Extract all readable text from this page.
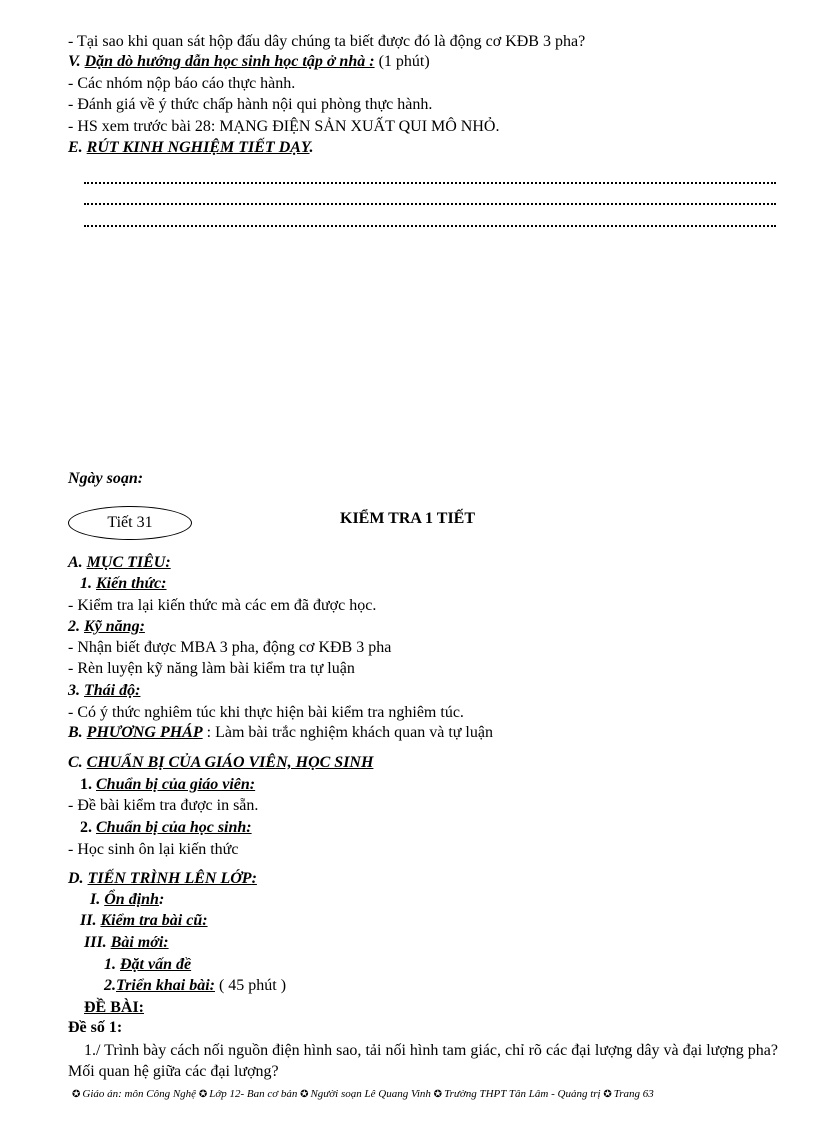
- Tại sao khi quan sát hộp đấu dây chúng ta biết được đó là động cơ KĐB 3 pha?
V. Dặn dò hướng dẫn học sinh học tập ở nhà : (1 phút)
- Các nhóm nộp báo cáo thực hành.
- Đánh giá về ý thức chấp hành nội qui phòng thực hành.
- HS xem trước bài 28: MẠNG ĐIỆN SẢN XUẤT QUI MÔ NHỎ.
E. RÚT KINH NGHIỆM TIẾT DẠY.
Ngày soạn:
Tiết 31	KIỂM TRA 1 TIẾT
A. MỤC TIÊU:
1. Kiến thức:
- Kiểm tra lại kiến thức mà các em đã được học.
2. Kỹ năng:
- Nhận biết được MBA 3 pha, động cơ KĐB 3 pha
- Rèn luyện kỹ năng làm bài kiểm tra tự luận
3. Thái độ:
- Có ý thức nghiêm túc khi thực hiện bài kiểm tra nghiêm túc.
B. PHƯƠNG PHÁP : Làm bài trắc nghiệm khách quan và tự luận
C. CHUẨN BỊ CỦA GIÁO VIÊN, HỌC SINH
1. Chuẩn bị của giáo viên:
- Đề bài kiểm tra được in sẵn.
2. Chuẩn bị của học sinh:
- Học sinh ôn lại kiến thức
D. TIẾN TRÌNH LÊN LỚP:
I. Ổn định:
II. Kiểm tra bài cũ:
III. Bài mới:
1. Đặt vấn đề
2.Triển khai bài: ( 45 phút )
ĐỀ BÀI:
Đề số 1:
1./ Trình bày cách nối nguồn điện hình sao, tải nối hình tam giác, chỉ rõ các đại lượng dây và đại lượng pha? Mối quan hệ giữa các đại lượng?
✪ Giáo án: môn Công Nghệ ✪ Lớp 12- Ban cơ bản ✪ Người soạn Lê Quang Vinh ✪ Trường THPT Tân Lâm - Quảng trị ✪ Trang 63
